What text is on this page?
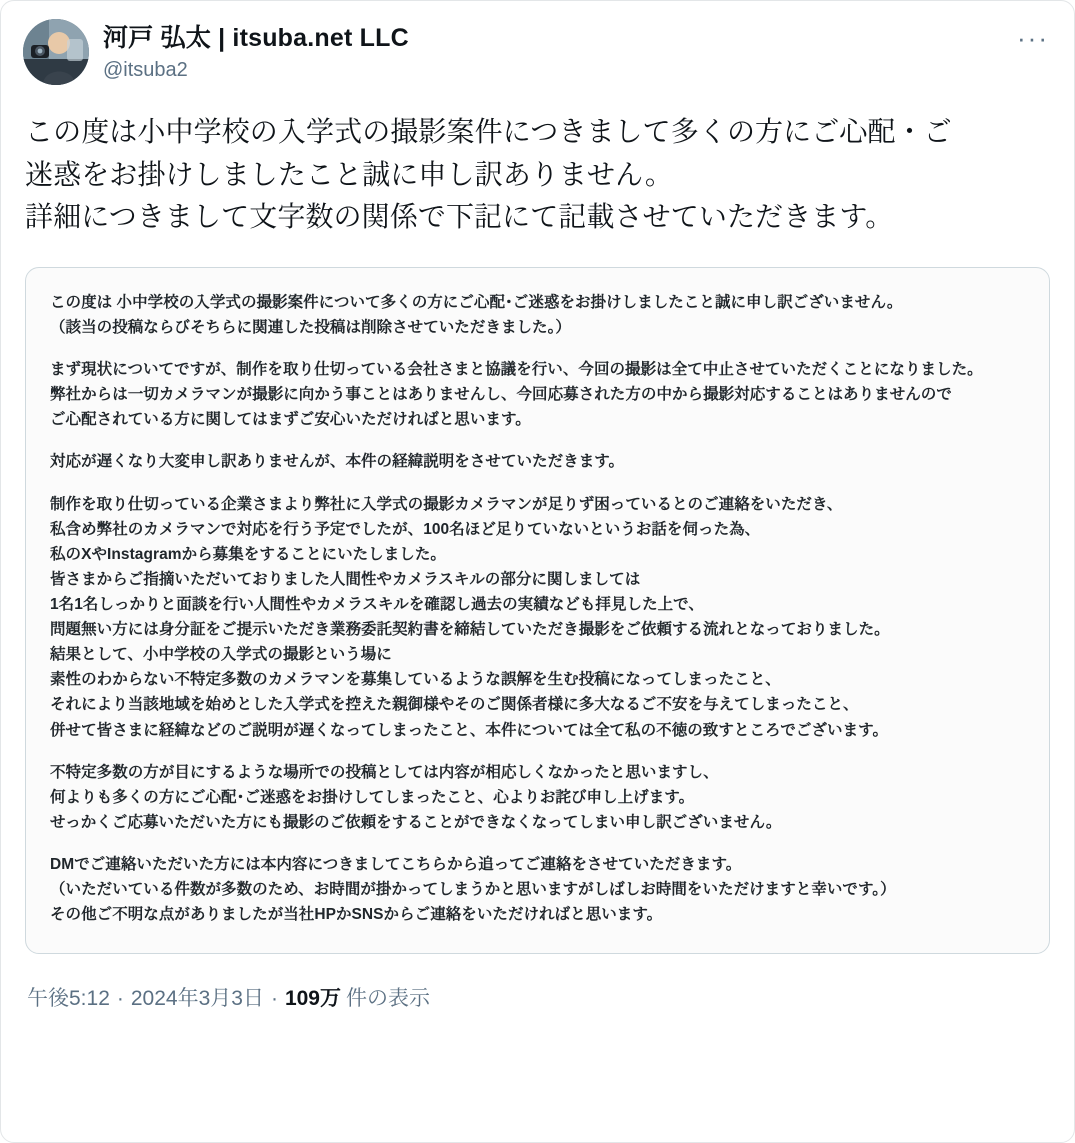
河戸 弘太 | itsuba.net LLC
@itsuba2
···

この度は小中学校の入学式の撮影案件につきまして多くの方にご心配・ご

迷惑をお掛けしましたこと誠に申し訳ありません。

詳細につきまして文字数の関係で下記にて記載させていただきます。

この度は 小中学校の入学式の撮影案件について多くの方にご心配･ご迷惑をお掛けしましたこと誠に申し訳ございません。
（該当の投稿ならびそちらに関連した投稿は削除させていただきました。）
まず現状についてですが、制作を取り仕切っている会社さまと協議を行い、今回の撮影は全て中止させていただくことになりました。
弊社からは一切カメラマンが撮影に向かう事ことはありませんし、今回応募された方の中から撮影対応することはありませんので
ご心配されている方に関してはまずご安心いただければと思います。
対応が遅くなり大変申し訳ありませんが、本件の経緯説明をさせていただきます。
制作を取り仕切っている企業さまより弊社に入学式の撮影カメラマンが足りず困っているとのご連絡をいただき、
私含め弊社のカメラマンで対応を行う予定でしたが、100名ほど足りていないというお話を伺った為、
私のXやInstagramから募集をすることにいたしました。
皆さまからご指摘いただいておりました人間性やカメラスキルの部分に関しましては
1名1名しっかりと面談を行い人間性やカメラスキルを確認し過去の実績なども拝見した上で、
問題無い方には身分証をご提示いただき業務委託契約書を締結していただき撮影をご依頼する流れとなっておりました。
結果として、小中学校の入学式の撮影という場に
素性のわからない不特定多数のカメラマンを募集しているような誤解を生む投稿になってしまったこと、
それにより当該地域を始めとした入学式を控えた親御様やそのご関係者様に多大なるご不安を与えてしまったこと、
併せて皆さまに経緯などのご説明が遅くなってしまったこと、本件については全て私の不徳の致すところでございます。
不特定多数の方が目にするような場所での投稿としては内容が相応しくなかったと思いますし、
何よりも多くの方にご心配･ご迷惑をお掛けしてしまったこと、心よりお詫び申し上げます。
せっかくご応募いただいた方にも撮影のご依頼をすることができなくなってしまい申し訳ございません。
DMでご連絡いただいた方には本内容につきましてこちらから追ってご連絡をさせていただきます。
（いただいている件数が多数のため、お時間が掛かってしまうかと思いますがしばしお時間をいただけますと幸いです。）
その他ご不明な点がありましたが当社HPかSNSからご連絡をいただければと思います。
午後5:12 · 2024年3月3日 · 109万 件の表示
